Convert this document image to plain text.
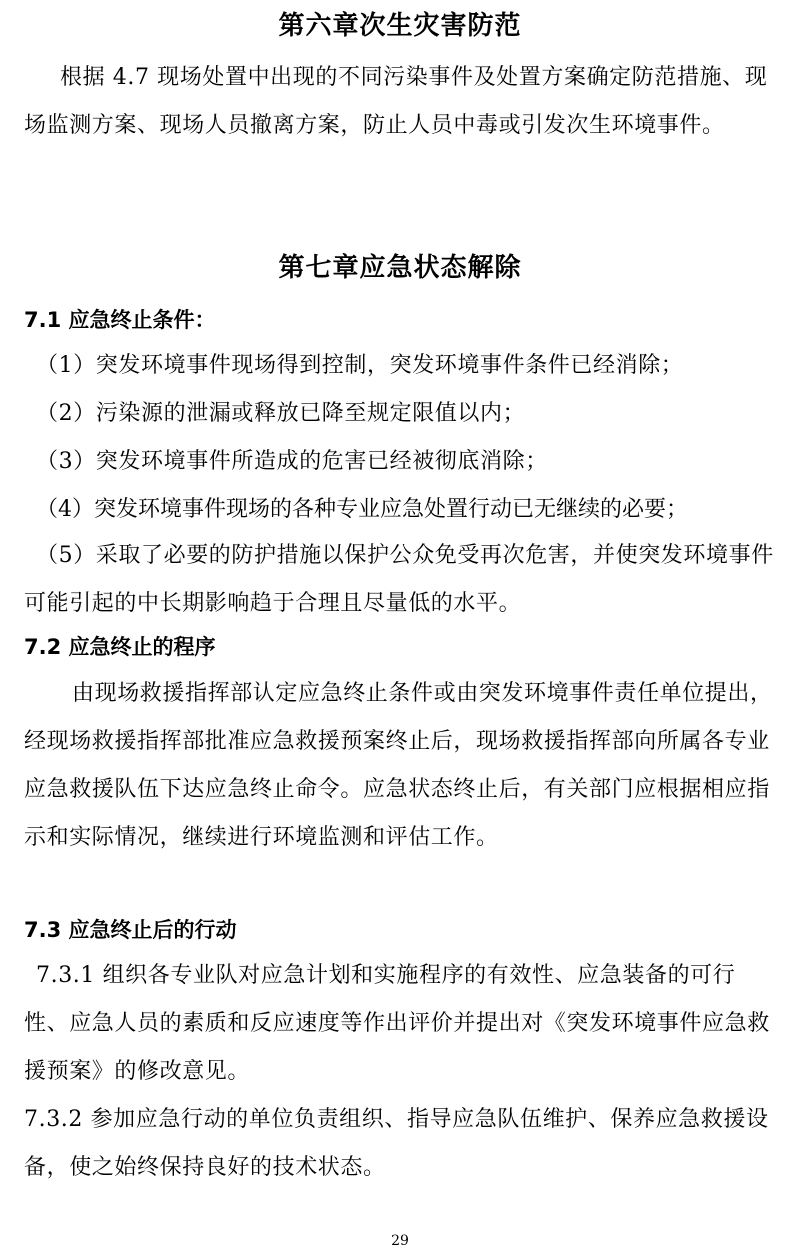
第六章次生灾害防范

根据 4.7 现场处置中出现的不同污染事件及处置方案确定防范措施、现场监测方案、现场人员撤离方案，防止人员中毒或引发次生环境事件。

第七章应急状态解除
7.1 应急终止条件：

（1）突发环境事件现场得到控制，突发环境事件条件已经消除；

（2）污染源的泄漏或释放已降至规定限值以内；

（3）突发环境事件所造成的危害已经被彻底消除；

（4）突发环境事件现场的各种专业应急处置行动已无继续的必要；

（5）采取了必要的防护措施以保护公众免受再次危害，并使突发环境事件可能引起的中长期影响趋于合理且尽量低的水平。

7.2 应急终止的程序

由现场救援指挥部认定应急终止条件或由突发环境事件责任单位提出，经现场救援指挥部批准应急救援预案终止后，现场救援指挥部向所属各专业应急救援队伍下达应急终止命令。应急状态终止后，有关部门应根据相应指示和实际情况，继续进行环境监测和评估工作。

7.3 应急终止后的行动

7.3.1 组织各专业队对应急计划和实施程序的有效性、应急装备的可行性、应急人员的素质和反应速度等作出评价并提出对《突发环境事件应急救援预案》的修改意见。

7.3.2 参加应急行动的单位负责组织、指导应急队伍维护、保养应急救援设备，使之始终保持良好的技术状态。

29
